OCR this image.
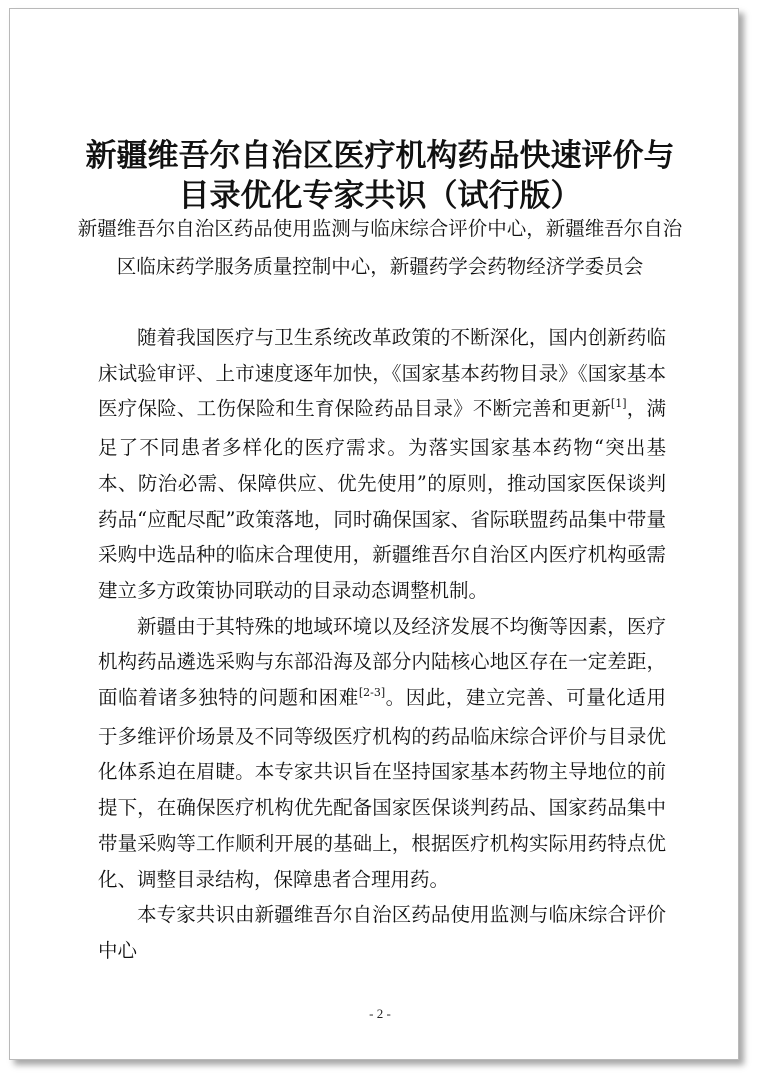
新疆维吾尔自治区医疗机构药品快速评价与
目录优化专家共识（试行版）
新疆维吾尔自治区药品使用监测与临床综合评价中心，新疆维吾尔自治
区临床药学服务质量控制中心，新疆药学会药物经济学委员会

随着我国医疗与卫生系统改革政策的不断深化，国内创新药临床试验审评、上市速度逐年加快，《国家基本药物目录》《国家基本医疗保险、工伤保险和生育保险药品目录》不断完善和更新[1]，满足了不同患者多样化的医疗需求。为落实国家基本药物“突出基本、防治必需、保障供应、优先使用”的原则，推动国家医保谈判药品“应配尽配”政策落地，同时确保国家、省际联盟药品集中带量采购中选品种的临床合理使用，新疆维吾尔自治区内医疗机构亟需建立多方政策协同联动的目录动态调整机制。

新疆由于其特殊的地域环境以及经济发展不均衡等因素，医疗机构药品遴选采购与东部沿海及部分内陆核心地区存在一定差距，面临着诸多独特的问题和困难[2-3]。因此，建立完善、可量化适用于多维评价场景及不同等级医疗机构的药品临床综合评价与目录优化体系迫在眉睫。本专家共识旨在坚持国家基本药物主导地位的前提下，在确保医疗机构优先配备国家医保谈判药品、国家药品集中带量采购等工作顺利开展的基础上，根据医疗机构实际用药特点优化、调整目录结构，保障患者合理用药。

本专家共识由新疆维吾尔自治区药品使用监测与临床综合评价中心

- 2 -
